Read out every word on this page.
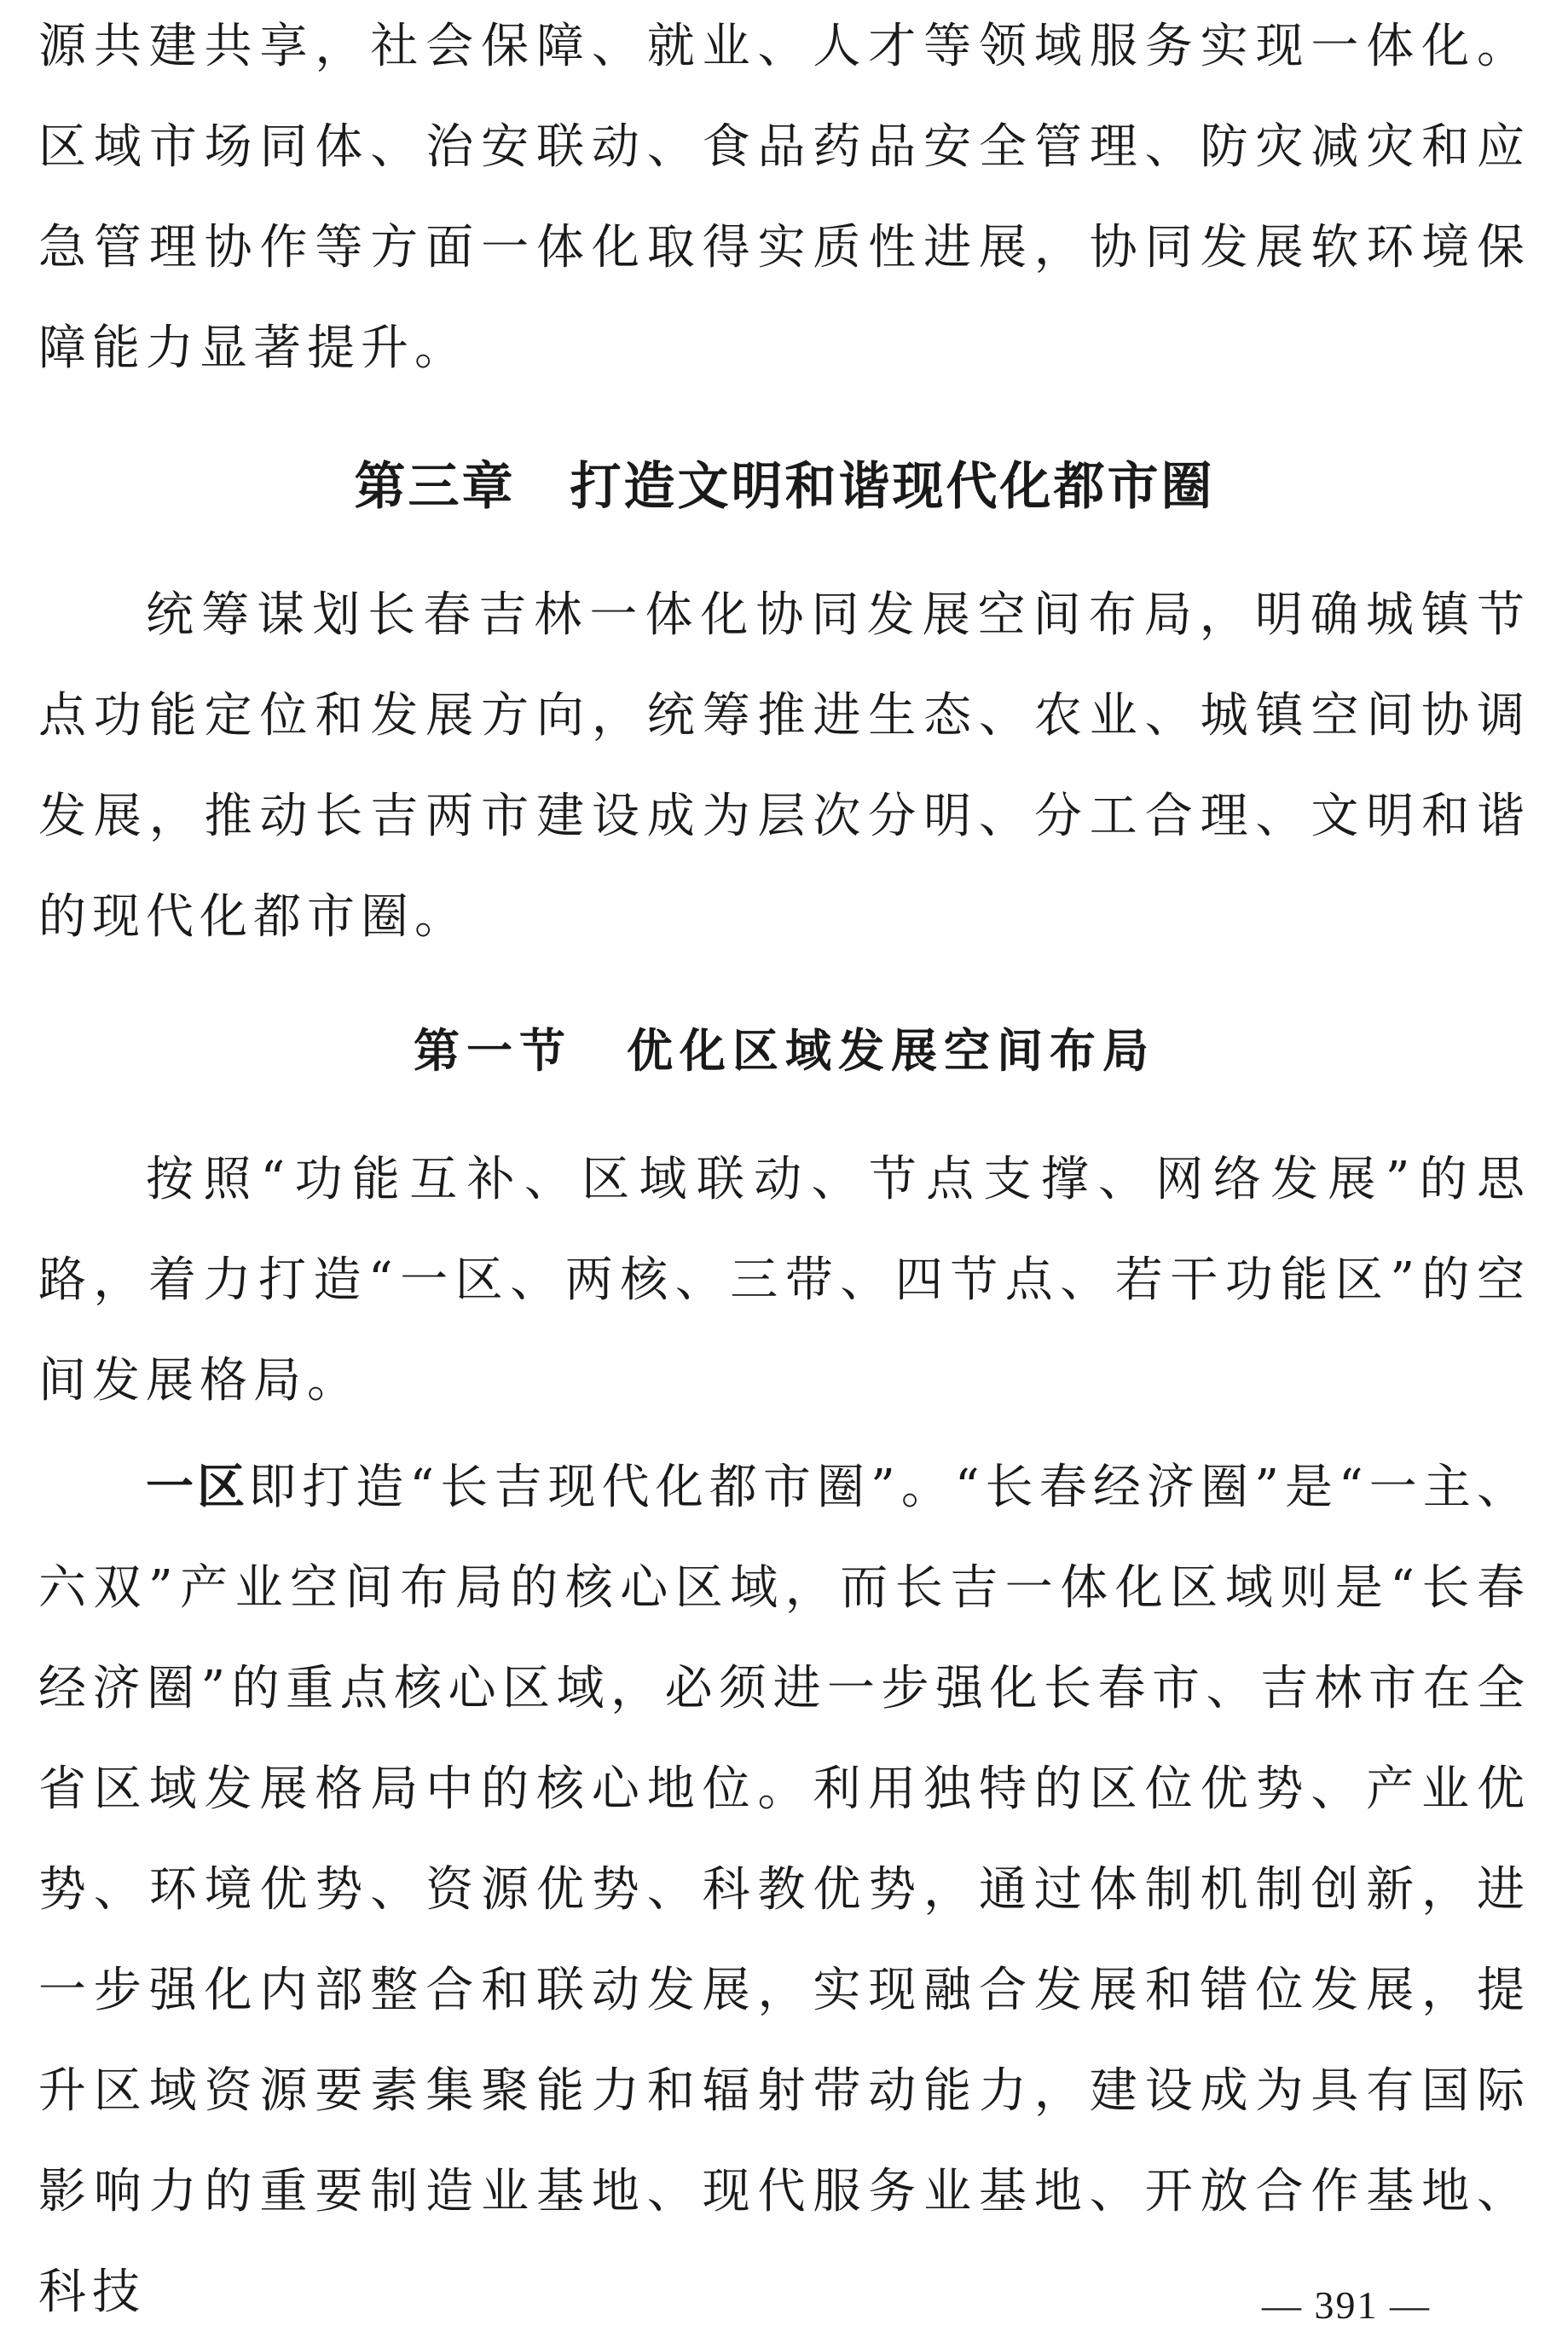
源共建共享，社会保障、就业、人才等领域服务实现一体化。区域市场同体、治安联动、食品药品安全管理、防灾减灾和应急管理协作等方面一体化取得实质性进展，协同发展软环境保障能力显著提升。

第三章 打造文明和谐现代化都市圈

统筹谋划长春吉林一体化协同发展空间布局，明确城镇节点功能定位和发展方向，统筹推进生态、农业、城镇空间协调发展，推动长吉两市建设成为层次分明、分工合理、文明和谐的现代化都市圈。

第一节 优化区域发展空间布局

按照“功能互补、区域联动、节点支撑、网络发展”的思路，着力打造“一区、两核、三带、四节点、若干功能区”的空间发展格局。

一区即打造“长吉现代化都市圈”。“长春经济圈”是“一主、六双”产业空间布局的核心区域，而长吉一体化区域则是“长春经济圈”的重点核心区域，必须进一步强化长春市、吉林市在全省区域发展格局中的核心地位。利用独特的区位优势、产业优势、环境优势、资源优势、科教优势，通过体制机制创新，进一步强化内部整合和联动发展，实现融合发展和错位发展，提升区域资源要素集聚能力和辐射带动能力，建设成为具有国际影响力的重要制造业基地、现代服务业基地、开放合作基地、科技	— 391 —
